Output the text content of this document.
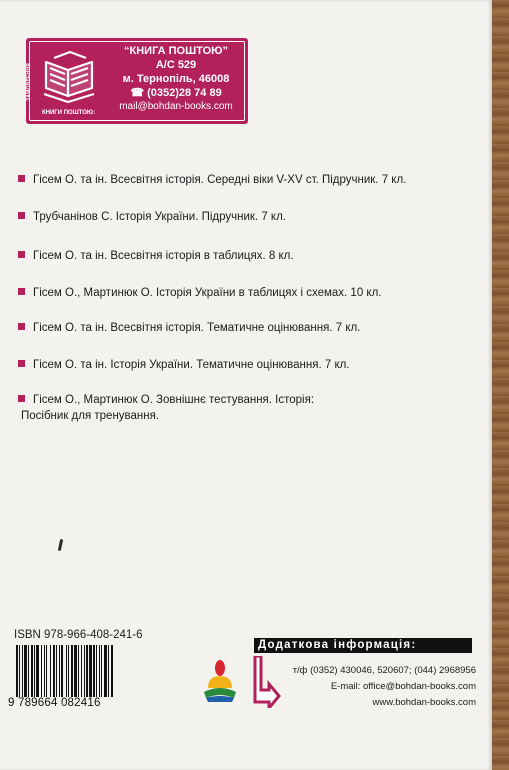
ЗАМОВЛЕННЯ
КНИГИ ПОШТОЮ:
“КНИГА ПОШТОЮ”
А/С 529
м. Тернопіль, 46008
☎ (0352)28 74 89
mail@bohdan-books.com
Гісем О. та ін. Всесвітня історія. Середні віки V-XV ст. Підручник. 7 кл.
Трубчанінов С. Історія України. Підручник. 7 кл.
Гісем О. та ін. Всесвітня історія в таблицях. 8 кл.
Гісем О., Мартинюк О. Історія України в таблицях і схемах. 10 кл.
Гісем О. та ін. Всесвітня історія. Тематичне оцінювання. 7 кл.
Гісем О. та ін. Історія України. Тематичне оцінювання. 7 кл.
Гісем О., Мартинюк О. Зовнішнє тестування. Історія:
Посібник для тренування.
ISBN 978-966-408-241-6
9 789664 082416
Додаткова інформація:
т/ф (0352) 430046, 520607; (044) 2968956
E-mail: office@bohdan-books.com
www.bohdan-books.com
